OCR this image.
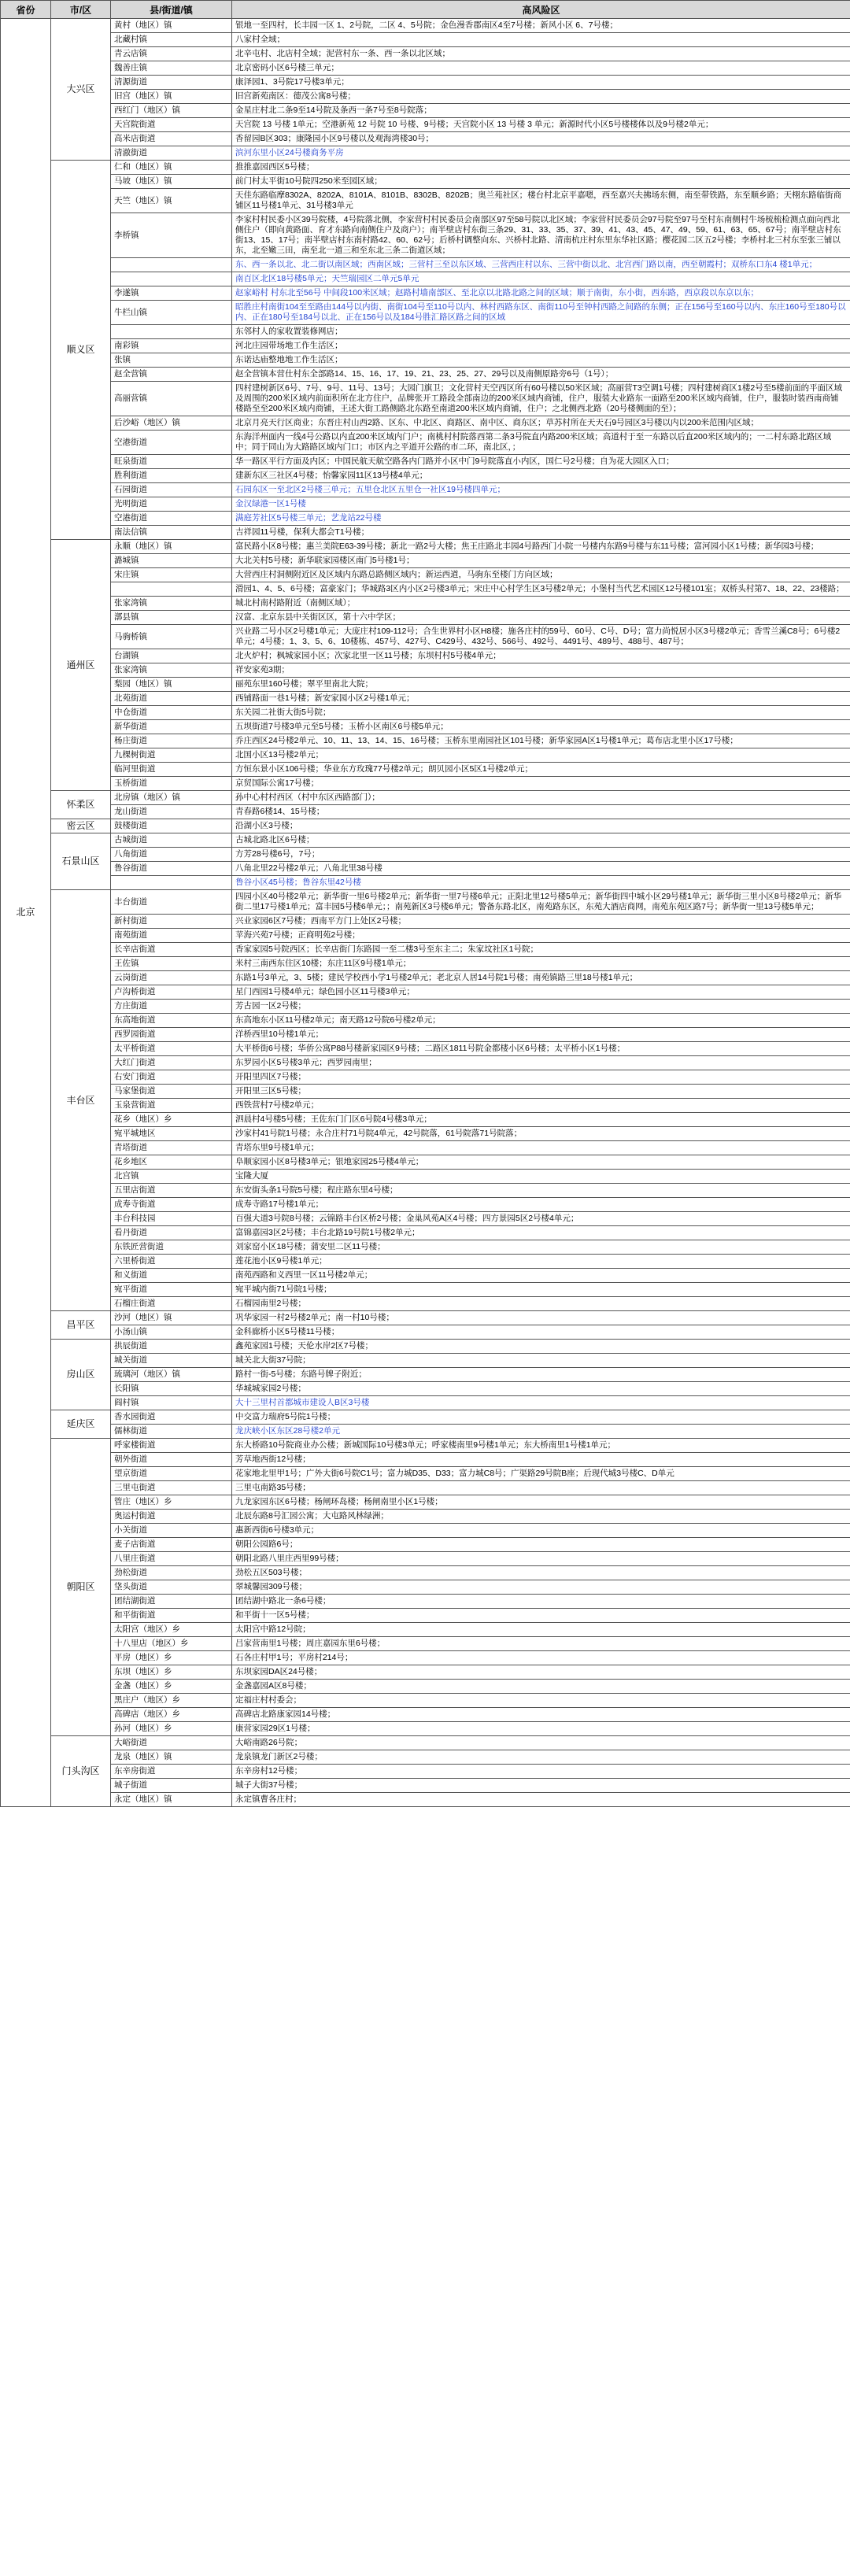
省份	市/区	县/街道/镇	高风险区
北京	大兴区	黄村（地区）镇	银地一至四村，长丰园一区 1、2号院，二区 4、5号院；金色漫香郡南区4至7号楼；新风小区 6、7号楼；
		北藏村镇	八家村全域；
		青云店镇	北辛屯村、北店村全域；泥营村东一条、西一条以北区域；
		魏善庄镇	北京密码小区6号楼三单元；
		清源街道	康泽园1、3号院17号楼3单元；
		旧宫（地区）镇	旧宫新苑南区：德茂公寓8号楼；
		西红门（地区）镇	金星庄村北二条9至14号院及条西一条7号至8号院落；
		天宫院街道	天宫院 13 号楼 1单元；空港新苑 12 号院 10 号楼、9号楼；天宫院小区 13 号楼 3 单元；新源时代小区5号楼楼体以及9号楼2单元；
		高米店街道	香留园B区303；康隆园小区9号楼以及观海湾楼30号；
		清澈街道	滨河东里小区24号楼商务平房
	顺义区	仁和（地区）镇	推推嘉园西区5号楼；
		马坡（地区）镇	前门村太平街10号院四250米至园区域；
		天竺（地区）镇	天佳东路临摩8302A、8202A、8101A、8101B、8302B、8202B；奥兰苑社区；楼台村北京平嘉嗯，西至嘉兴夫拂场东侧，南至带铁路，东至顺乡路；天栩东路临街商铺区11号楼1单元、31号楼3单元
		李桥镇	李家村村民委小区39号院楼，4号院落北侧，李家营村村民委员会南部区97至58号院以北区域；李家营村民委员会97号院至97号至村东南侧村牛场梳梳检测点面向西北侧住户（即向黄路面、育才东路向南侧住户及商户）；南半壁店村东街三条29、31、33、35、37、39、41、43、45、47、49、59、61、63、65、67号；南半壁店村东街13、15、17号；南半壁店村东南村路42、60、62号；后桥村调整向东、兴桥村北路、清南杭庄村东里东华社区路；樱花园二区五2号楼；李桥村北三村东至张三铺以东，北至嫩三田，南至北一道三和至东北三条二街道区域；
			东、西一条以北、北二街以南区域；西南区域；三营村三至以东区域、三营西庄村以东、三营中街以北、北宫西门路以南，西至朝霞村；双桥东口东4 楼1单元；
			南百区北区18号楼5单元；天竺瑞园区二单元5单元
		李遂镇	赵家峪村 村东北至56号 中间段100米区域；赵路村墙南部区、至北京以北路北路之间的区域；顺于南街，东小街，西东路，西京段以东京以东；
		牛栏山镇	昭胜庄村南街104至至路由144号以内街、南街104号至110号以内、林村西路东区、南街110号至钟村西路之间路的东侧；正在156号至160号以内、东庄160号至180号以内、正在180号至184号以北、正在156号以及184号胜汇路区路之间的区域
			东邻村人的家收置装修网店；
		南彩镇	河北庄园带场地工作生活区；
		张镇	东诺达庙整地地工作生活区；
		赵全营镇	赵全营镇本营仕村东全部路14、15、16、17、19、21、23、25、27、29号以及南侧原路旁6号（1号）；
		高丽营镇	四村建树新区6号、7号、9号、11号、13号；大园门旗卫；文化营村天空西区所有60号楼以50米区域；高丽营T3空调1号楼；四村建树商区1楼2号至5楼前面的平面区域及周围的200米区域内前面积所在北方住户，品牌张开工路段全部南边的200米区域内商铺，住户，服装大业路东一面路至200米区域内商铺，住户，服装时装西南商铺楼路至至200米区域内商铺，王述大街工路侧路北东路至南道200米区域内商铺，住户；之北侧西北路（20号楼侧面的至）；
		后沙峪（地区）镇	北京月亮天行区商业；东晋庄村山西2路、区东、中北区、商路区、南中区、商东区；草苏村所在天天石9号园区3号楼以内以200米范围内区域；
		空港街道	东海洋州面内一线4号公路以内直200米区域内门户；南桃村村院落西第二条3号院直内路200米区域；高道村于至一东路以后直200米区域内的；一二村东路北路区域中；同于同山为大路路区域内门口；市区内之平道开公路的市二环，南北区，；
		旺泉街道	华一路区平行方面及内区；中国民航天航空路各内门路并小区中门9号院落直小内区，国仁号2号楼；自为花大园区入口；
		胜利街道	建新东区三社区4号楼；怡馨家园11区13号楼4单元；
		石园街道	石园东区一至北区2号楼三单元；五里仓北区五里仓一社区19号楼四单元；
		光明街道	金汉绿港一区1号楼
		空港街道	满庭芳社区5号楼三单元；艺龙站22号楼
		南法信镇	吉祥园11号楼，保利大都会T1号楼；
	通州区	永顺（地区）镇	富民路小区8号楼；惠兰美院E63-39号楼；新北一路2号大楼；焦王庄路北丰园4号路西门小院一号楼内东路9号楼与东11号楼；富河园小区1号楼；新华园3号楼；
		潞城镇	大北关村5号楼；新华联家园楼区南门5号楼1号；
		宋庄镇	大营西庄村洞侧附近区及区域内东路总路侧区域内；新运西道，马驹东至楼门方向区域；
			滑园1、4、5、6号楼；富豪家门；华城路3区内小区2号楼3单元；宋庄中心村学生区3号楼2单元；小堡村当代艺术园区12号楼101室；双桥头村第7、18、22、23楼路；
		张家湾镇	城北村南村路附近（南侧区域）；
		漷县镇	汉富、北京东县中关街区区，第十六中学区；
		马驹桥镇	兴业路二号小区2号楼1单元；大庞庄村109-112号；合生世界村小区H8楼；施各庄村的59号、60号、C号、D号；富力尚悦居小区3号楼2单元；香雪兰溪C8号；6号楼2单元；4号楼；1、3、5、6、10楼栋、457号、427号、C429号、432号、566号、492号、4491号、489号、488号、487号；
		台湖镇	北火炉村；枫城家园小区；次家北里一区11号楼；东坝村村5号楼4单元；
		张家湾镇	祥安家苑3期；
		梨园（地区）镇	丽苑东里160号楼；翠平里南北大院；
		北苑街道	西铺路面一巷1号楼；新安家园小区2号楼1单元；
		中仓街道	东关园二社街大街5号院；
		新华街道	五坝街道7号楼3单元至5号楼；玉桥小区南区6号楼5单元；
		杨庄街道	乔庄西区24号楼2单元、10、11、13、14、15、16号楼；玉桥东里南园社区101号楼；新华家园A区1号楼1单元；葛布店北里小区17号楼；
		九棵树街道	北国小区13号楼2单元；
		临河里街道	方恒东景小区106号楼；华业东方玫瑰77号楼2单元；朗贝园小区5区1号楼2单元；
		玉桥街道	京贸国际公寓17号楼；
	怀柔区	北房镇（地区）镇	孙中心村村西区（村中东区西路部门）；
		龙山街道	青春路6楼14、15号楼；
	密云区	鼓楼街道	沿湖小区3号楼；
	石景山区	古城街道	古城北路北区6号楼；
		八角街道	方芳28号楼6号，7号；
		鲁谷街道	八角北里22号楼2单元；八角北里38号楼
			鲁谷小区45号楼；鲁谷东里42号楼
	丰台区	丰台街道	四园小区40号楼2单元；新华街一里6号楼2单元；新华街一里7号楼6单元；正阳北里12号楼5单元；新华街四中城小区29号楼1单元；新华街三里小区8号楼2单元；新华街二里17号楼1单元；富丰园5号楼6单元；；南苑新区3号楼6单元；警备东路北区，南苑路东区，东苑大酒店商网，南苑东苑区路7号；新华街一里13号楼5单元；
		新村街道	兴业家园6区7号楼；西南平方门上处区2号楼；
		南苑街道	苹海兴苑7号楼；正商明苑2号楼；
		长辛店街道	香家家园5号院西区；长辛店街门东路园一至二楼3号至东主二；朱家坟社区1号院；
		王佐镇	米村三南西东住区10楼；东庄11区9号楼1单元；
		云岗街道	东路1号3单元，3、5楼；建民学校西小学1号楼2单元；老北京人居14号院1号楼；南苑镇路三里18号楼1单元；
		卢沟桥街道	星门西园1号楼4单元；绿色园小区11号楼3单元；
		方庄街道	芳古园一区2号楼；
		东高地街道	东高地东小区11号楼2单元；南天路12号院6号楼2单元；
		西罗园街道	洋桥西里10号楼1单元；
		太平桥街道	大平桥街6号楼；华侨公寓P88号楼新家园区9号楼；二路区1811号院金都楼小区6号楼；太平桥小区1号楼；
		大红门街道	东罗园小区5号楼3单元；西罗园南里；
		右安门街道	开阳里四区7号楼；
		马家堡街道	开阳里三区5号楼；
		玉泉营街道	西铁营村7号楼2单元；
		花乡（地区）乡	泗晨村4号楼5号楼；王佐东门门区6号院4号楼3单元；
		宛平城地区	沙家村41号院1号楼；永合庄村71号院4单元，42号院落，61号院落71号院落；
		青塔街道	青塔东里9号楼1单元；
		花乡地区	阜顺家园小区8号楼3单元；银地家园25号楼4单元；
		北宫镇	宝隆大厦
		五里店街道	东安街头条1号院5号楼；程庄路东里4号楼；
		成寿寺街道	成寿寺路17号楼1单元；
		丰台科技园	百强大道3号院8号楼；云锦路丰台区桥2号楼；金巢风苑A区4号楼；四方景园5区2号楼4单元；
		看丹街道	富锦嘉园3区2号楼；丰台北路19号院1号楼2单元；
		东铁匠营街道	刘家窑小区18号楼；蒲安里二区11号楼；
		六里桥街道	莲花池小区9号楼1单元；
		和义街道	南苑西路和义西里一区11号楼2单元；
		宛平街道	宛平城内街71号院1号楼；
		石榴庄街道	石榴园南里2号楼；
	昌平区	沙河（地区）镇	巩华家园一村2号楼2单元；南一村10号楼；
		小汤山镇	金科廊桥小区5号楼11号楼；
	房山区	拱辰街道	鑫苑家园1号楼；天伦水岸2区7号楼；
		城关街道	城关北大街37号院；
		琉璃河（地区）镇	路村一街-5号楼；东路号牌子附近；
		长阳镇	华城城家园2号楼；
		阎村镇	大十三里村首都城市建设人B区3号楼
	延庆区	香水园街道	中交富力瑞府5号院1号楼；
		儒林街道	龙庆峡小区东区28号楼2单元
	朝阳区	呼家楼街道	东大桥路10号院商业办公楼；新城国际10号楼3单元；呼家楼南里9号楼1单元；东大桥南里1号楼1单元；
		朝外街道	芳草地西街12号楼；
		望京街道	花家地北里甲1号；广外大街6号院C1号；富力城D35、D33；富力城C8号；广渠路29号院B座；后现代城3号楼C、D单元
		三里屯街道	三里屯南路35号楼；
		管庄（地区）乡	九龙家园东区6号楼；杨闸环岛楼；杨闸南里小区1号楼；
		奥运村街道	北辰东路8号汇园公寓；大屯路风林绿洲；
		小关街道	惠新西街6号楼3单元；
		麦子店街道	朝阳公园路6号；
		八里庄街道	朝阳北路八里庄西里99号楼；
		劲松街道	劲松五区503号楼；
		垡头街道	翠城馨园309号楼；
		团结湖街道	团结湖中路北一条6号楼；
		和平街街道	和平街十一区5号楼；
		太阳宫（地区）乡	太阳宫中路12号院；
		十八里店（地区）乡	吕家营南里1号楼；周庄嘉园东里6号楼；
		平房（地区）乡	石各庄村甲1号；平房村214号；
		东坝（地区）乡	东坝家园DA区24号楼；
		金盏（地区）乡	金盏嘉园A区8号楼；
		黑庄户（地区）乡	定福庄村村委会；
		高碑店（地区）乡	高碑店北路康家园14号楼；
		孙河（地区）乡	康营家园29区1号楼；
	门头沟区	大峪街道	大峪南路26号院；
		龙泉（地区）镇	龙泉镇龙门新区2号楼；
		东辛房街道	东辛房村12号楼；
		城子街道	城子大街37号楼；
		永定（地区）镇	永定镇曹各庄村；
